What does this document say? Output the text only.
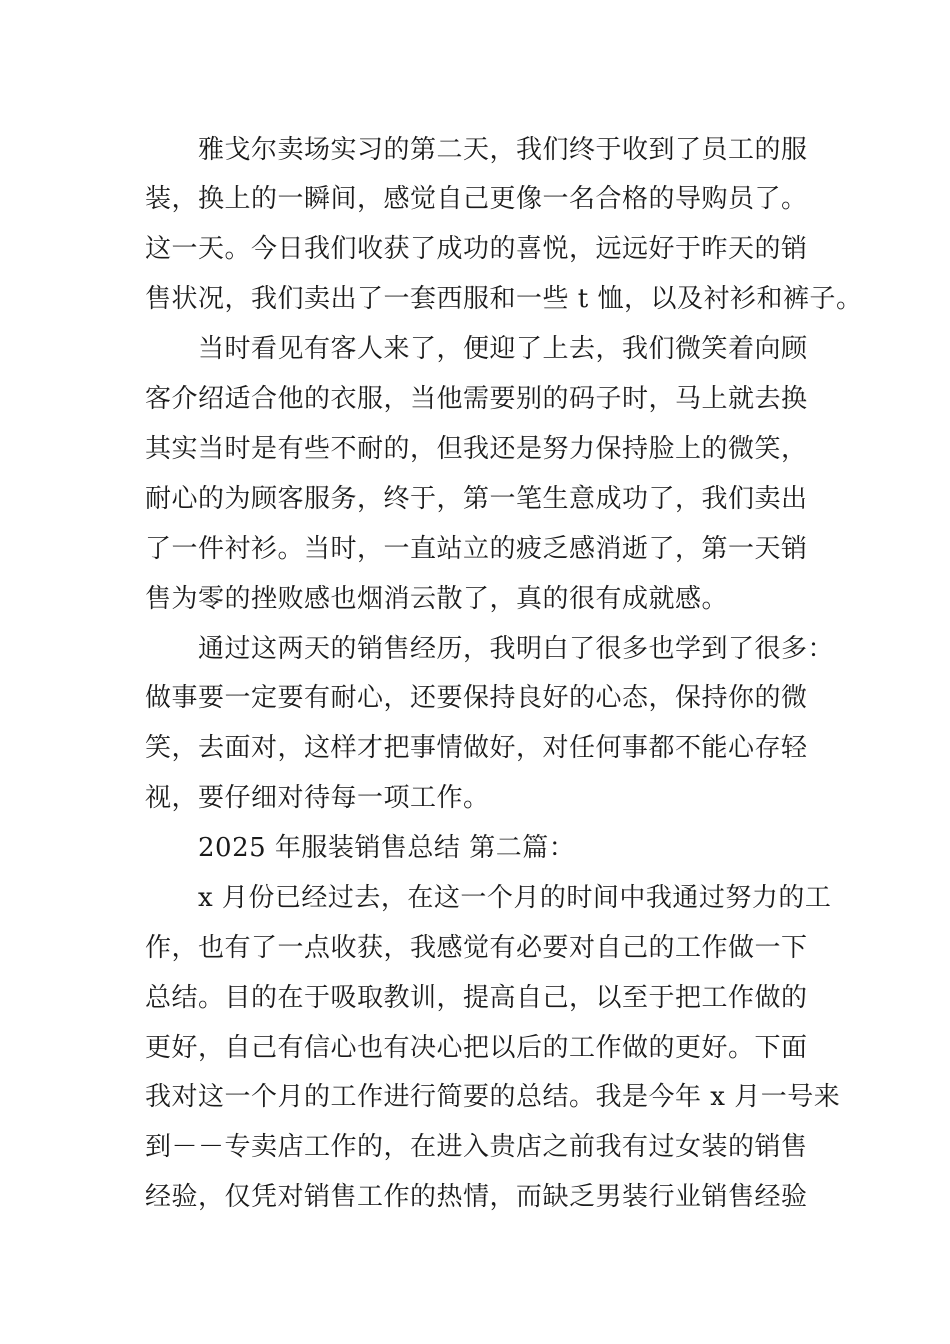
雅戈尔卖场实习的第二天，我们终于收到了员工的服
装，换上的一瞬间，感觉自己更像一名合格的导购员了。
这一天。今日我们收获了成功的喜悦，远远好于昨天的销
售状况，我们卖出了一套西服和一些 t 恤，以及衬衫和裤子。
当时看见有客人来了，便迎了上去，我们微笑着向顾
客介绍适合他的衣服，当他需要别的码子时，马上就去换
其实当时是有些不耐的，但我还是努力保持脸上的微笑，
耐心的为顾客服务，终于，第一笔生意成功了，我们卖出
了一件衬衫。当时，一直站立的疲乏感消逝了，第一天销
售为零的挫败感也烟消云散了，真的很有成就感。
通过这两天的销售经历，我明白了很多也学到了很多：
做事要一定要有耐心，还要保持良好的心态，保持你的微
笑，去面对，这样才把事情做好，对任何事都不能心存轻
视，要仔细对待每一项工作。
2025 年服装销售总结 第二篇：
x 月份已经过去，在这一个月的时间中我通过努力的工
作，也有了一点收获，我感觉有必要对自己的工作做一下
总结。目的在于吸取教训，提高自己，以至于把工作做的
更好，自己有信心也有决心把以后的工作做的更好。下面
我对这一个月的工作进行简要的总结。我是今年 x 月一号来
到－－专卖店工作的，在进入贵店之前我有过女装的销售
经验，仅凭对销售工作的热情，而缺乏男装行业销售经验
